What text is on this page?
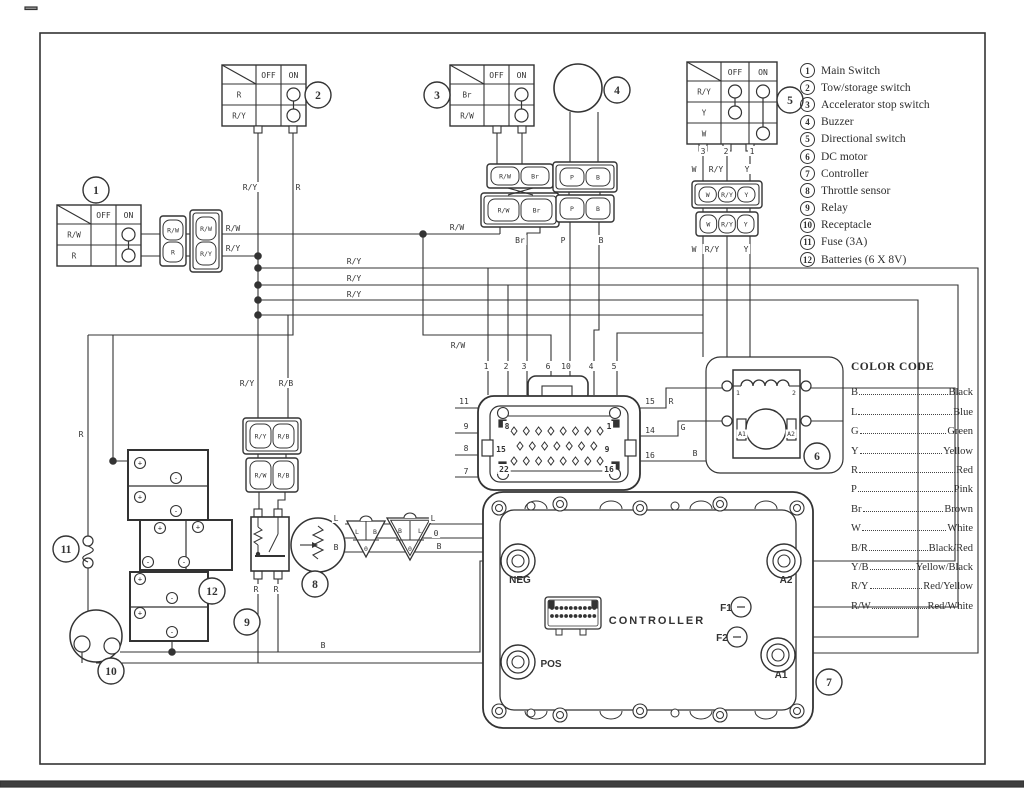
OFF ON
R/W
R
OFF ON
R
R/Y
OFF ON
Br
R/W
OFF ON
R/Y
Y
W
R/W
R
R/W
R/Y
R/Y R/B
R/W R/B
R/W	Br
R/W	Br
P	B
P	B
W R/Y Y
W R/Y Y
L B
0
B L
0
+
-
+
-
+
-
+
-
+
-
+
-
NEG	A2
F1
F2
POS
A1
CONTROLLER
R/Y	R
R/W
R/Y
R/W
R/Y
R/Y
R/Y
R/W
Br	P	B
W R/Y	Y
3 2	1
W R/Y	Y
R/Y	R/B
R
R R
B
L
B
L
0
B
R
G
B
1 2 3 6 10 4 5
11
9
8
7
15
14
16
8	1
15	9
22	16
1	2
A1	A2
1
2	3	4
5
6
7
8
9
10
11
12
1 Main Switch
2 Tow/storage switch
3 Accelerator stop switch
4 Buzzer
5 Directional switch
6 DC motor
7 Controller
8 Throttle sensor
9 Relay
10 Receptacle
11 Fuse (3A)
12 Batteries (6 X 8V)
COLOR CODE
B	Black
L	Blue
G	Green
Y	Yellow
R	Red
P	Pink
Br	Brown
W	White
B/R	Black/Red
Y/B	Yellow/Black
R/Y	Red/Yellow
R/W	Red/White
